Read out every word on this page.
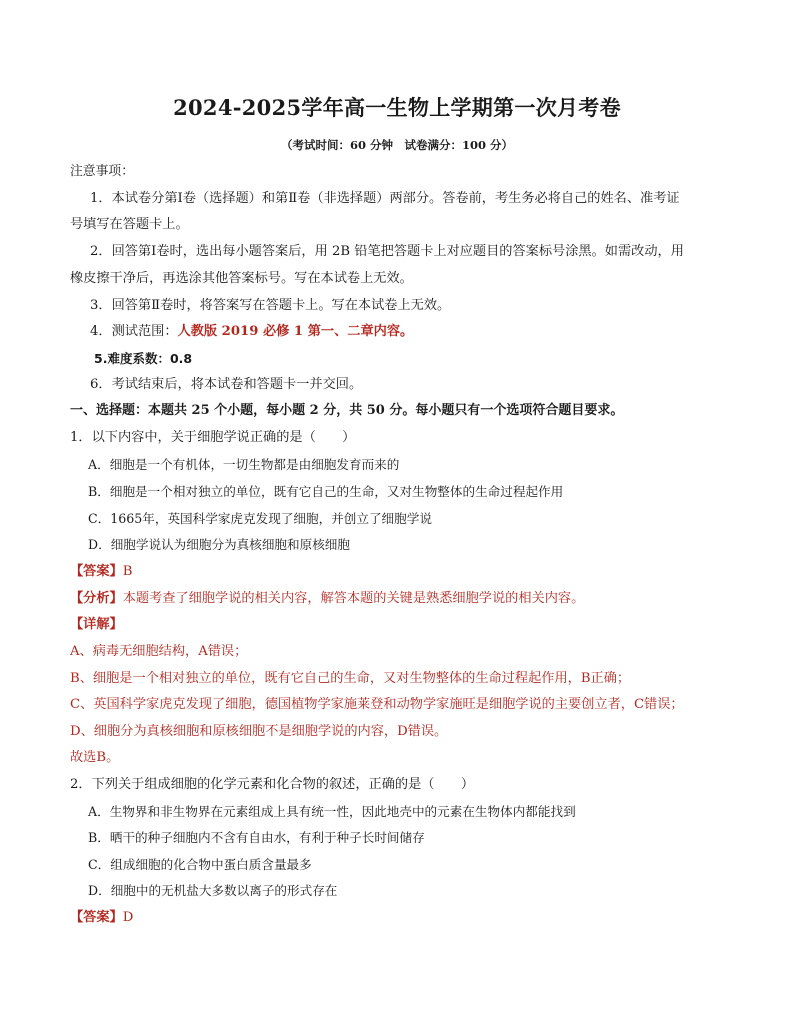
2024-2025学年高一生物上学期第一次月考卷
（考试时间：60 分钟　试卷满分：100 分）
注意事项：
1．本试卷分第Ⅰ卷（选择题）和第Ⅱ卷（非选择题）两部分。答卷前，考生务必将自己的姓名、准考证
号填写在答题卡上。
2．回答第Ⅰ卷时，选出每小题答案后，用 2B 铅笔把答题卡上对应题目的答案标号涂黑。如需改动，用
橡皮擦干净后，再选涂其他答案标号。写在本试卷上无效。
3．回答第Ⅱ卷时，将答案写在答题卡上。写在本试卷上无效。
4．测试范围：人教版 2019 必修 1 第一、二章内容。
5.难度系数：0.8
6．考试结束后，将本试卷和答题卡一并交回。
一、选择题：本题共 25 个小题，每小题 2 分，共 50 分。每小题只有一个选项符合题目要求。
1．以下内容中，关于细胞学说正确的是（　　）
A．细胞是一个有机体，一切生物都是由细胞发育而来的
B．细胞是一个相对独立的单位，既有它自己的生命，又对生物整体的生命过程起作用
C．1665年，英国科学家虎克发现了细胞，并创立了细胞学说
D．细胞学说认为细胞分为真核细胞和原核细胞
【答案】B
【分析】本题考查了细胞学说的相关内容，解答本题的关键是熟悉细胞学说的相关内容。
【详解】
A、病毒无细胞结构，A错误；
B、细胞是一个相对独立的单位，既有它自己的生命，又对生物整体的生命过程起作用，B正确；
C、英国科学家虎克发现了细胞，德国植物学家施莱登和动物学家施旺是细胞学说的主要创立者，C错误；
D、细胞分为真核细胞和原核细胞不是细胞学说的内容，D错误。
故选B。
2．下列关于组成细胞的化学元素和化合物的叙述，正确的是（　　）
A．生物界和非生物界在元素组成上具有统一性，因此地壳中的元素在生物体内都能找到
B．晒干的种子细胞内不含有自由水，有利于种子长时间储存
C．组成细胞的化合物中蛋白质含量最多
D．细胞中的无机盐大多数以离子的形式存在
【答案】D
